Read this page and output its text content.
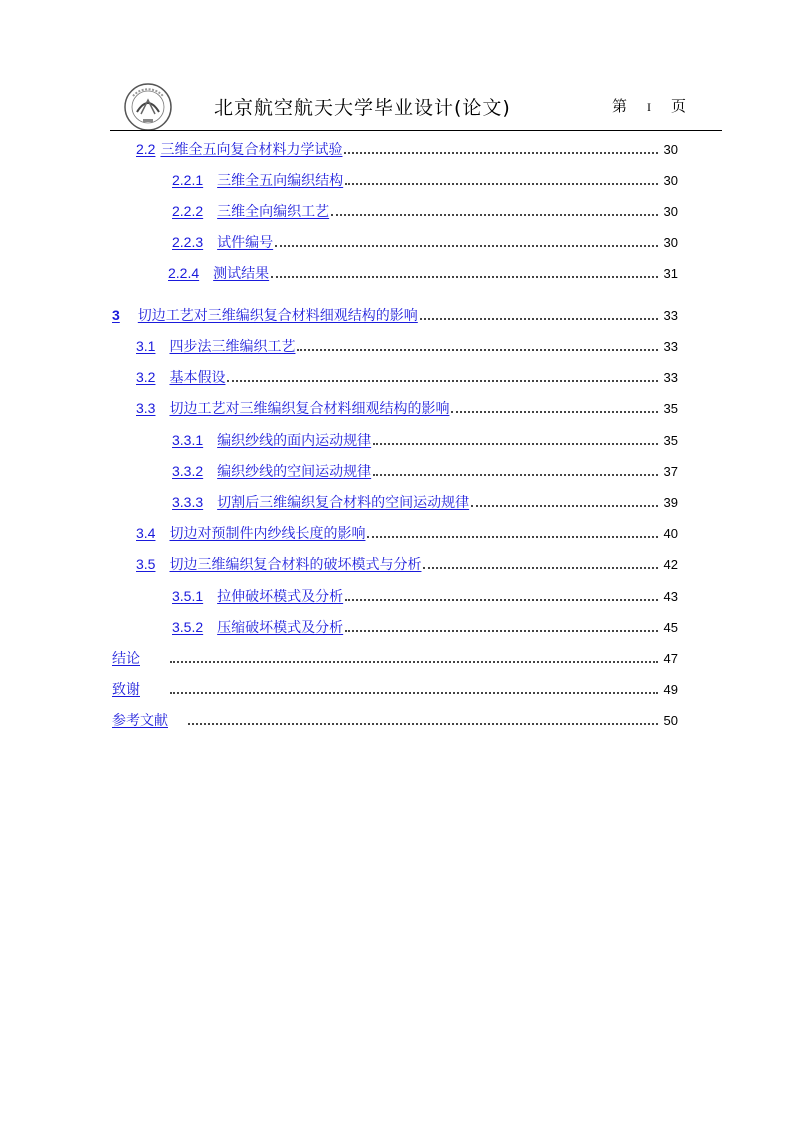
北京航空航天大学毕业设计(论文)	第 I 页
2.2 三维全五向复合材料力学试验	30
2.2.1 三维全五向编织结构	30
2.2.2 三维全向编织工艺	30
2.2.3 试件编号	30
2.2.4 测试结果	31
3 切边工艺对三维编织复合材料细观结构的影响	33
3.1 四步法三维编织工艺	33
3.2 基本假设	33
3.3 切边工艺对三维编织复合材料细观结构的影响	35
3.3.1 编织纱线的面内运动规律	35
3.3.2 编织纱线的空间运动规律	37
3.3.3 切割后三维编织复合材料的空间运动规律	39
3.4 切边对预制件内纱线长度的影响	40
3.5 切边三维编织复合材料的破坏模式与分析	42
3.5.1 拉伸破坏模式及分析	43
3.5.2 压缩破坏模式及分析	45
结论	47
致谢	49
参考文献	50
